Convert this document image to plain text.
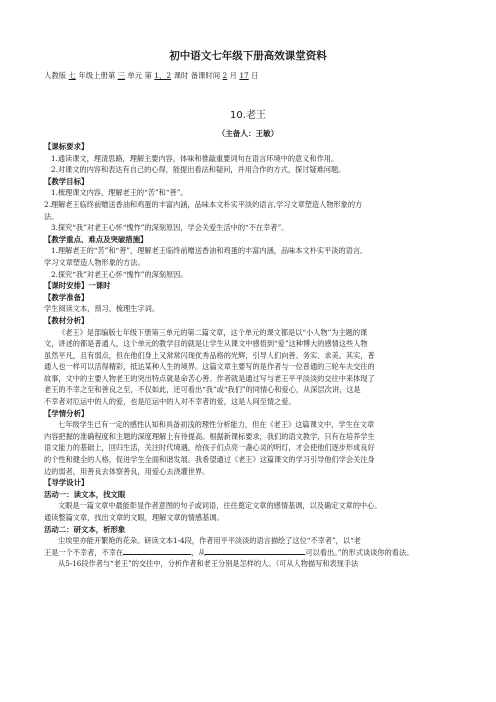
初中语文七年级下册高效课堂资料
人教版 七 年级上册第 三 单元 第 1、2 课时 备课时间 2 月 17 日
10.老王
（主备人：王敏）

【课标要求】

1.通读课文，理清思路，理解主要内容，体味和推敲重要词句在语言环境中的意义和作用。

2.对课文的内容和表达有自己的心得，能提出看法和疑问，并用合作的方式，探讨疑难问题。

【教学目标】

1.梳理课文内容，理解老王的“苦”和“善”。

2.理解老王临终前赠送香油和鸡蛋的丰富内涵，品味本文朴实平淡的语言,学习文章塑造人物形象的方

法。

3.探究“我”对老王心怀“愧怍”的深刻原因，学会关爱生活中的“不在幸者”。

【教学重点、难点及突破措施】

1.理解老王的“苦”和“善”，理解老王临终前赠送香油和鸡蛋的丰富内涵，品味本文朴实平淡的语言,

学习文章塑造人物形象的方法。

2.探究“我”对老王心怀“愧怍”的深刻原因。

【课时安排】一课时

【教学准备】

学生阅读文本，预习，梳理生字词。

【教材分析】

《老王》是部编版七年级下册第三单元的第二篇文章，这个单元的课文都是以“小人物”为主题的课

文，讲述的都是普通人，这个单元的教学目的就是让学生从课文中感悟到“爱”这种博大的感情这些人物

虽然平凡，且有弱点，但在他们身上又常常闪现优秀品格的光辉，引导人们向善、务实、求美。其实，普

通人也一样可以活得精彩，抵达某种人生的境界。这篇文章主要写的是作者与一位普通的三轮车夫交往的

故事，文中的主要人物老王的突出特点就是命苦心善。作者就是通过写与老王平平淡淡的交往中来体现了

老王的不幸之至和善良之至，不仅如此，还可看出“我”或“我们”的同情心和爱心，从深层次讲，这是

不幸者对厄运中的人的爱，也是厄运中的人对不幸者的爱，这是人间至情之爱。

【学情分析】

七年级学生已有一定的感性认知和具备初浅的理性分析能力，但在《老王》这篇课文中，学生在文章

内容把握的准确程度和主题的深度理解上有待提高。根据新课标要求，我们的语文教学，只有在培养学生

语文能力的基础上，回归生活，关注时代境遇，给孩子们点亮一盏心灵的明灯，才会使他们逐步形成良好

的个性和健全的人格，促进学生全面和谐发展。我希望通过《老王》这篇课文的学习引导他们学会关注身

边的弱者，用善良去体察善良，用爱心去浇灌世界。

【导学设计】

活动一：读文本，找文眼

文眼是一篇文章中最能彰显作者意图的句子或词语，往往奠定文章的感情基调，以及确定文章的中心。

通读整篇文章，找出文章的文眼，理解文章的情感基调。

活动二：研文本，析形象

尘埃里亦能开繁艳的花朵。研读文本1-4段，作者用平平淡淡的语言描绘了这位“不幸者”，以“老

王是一个不幸者，不幸在	，从	可以看出。”的形式谈谈你的看法。

从5-16段作者与“老王”的交往中，分析作者和老王分别是怎样的人。（可从人物描写和表现手法
